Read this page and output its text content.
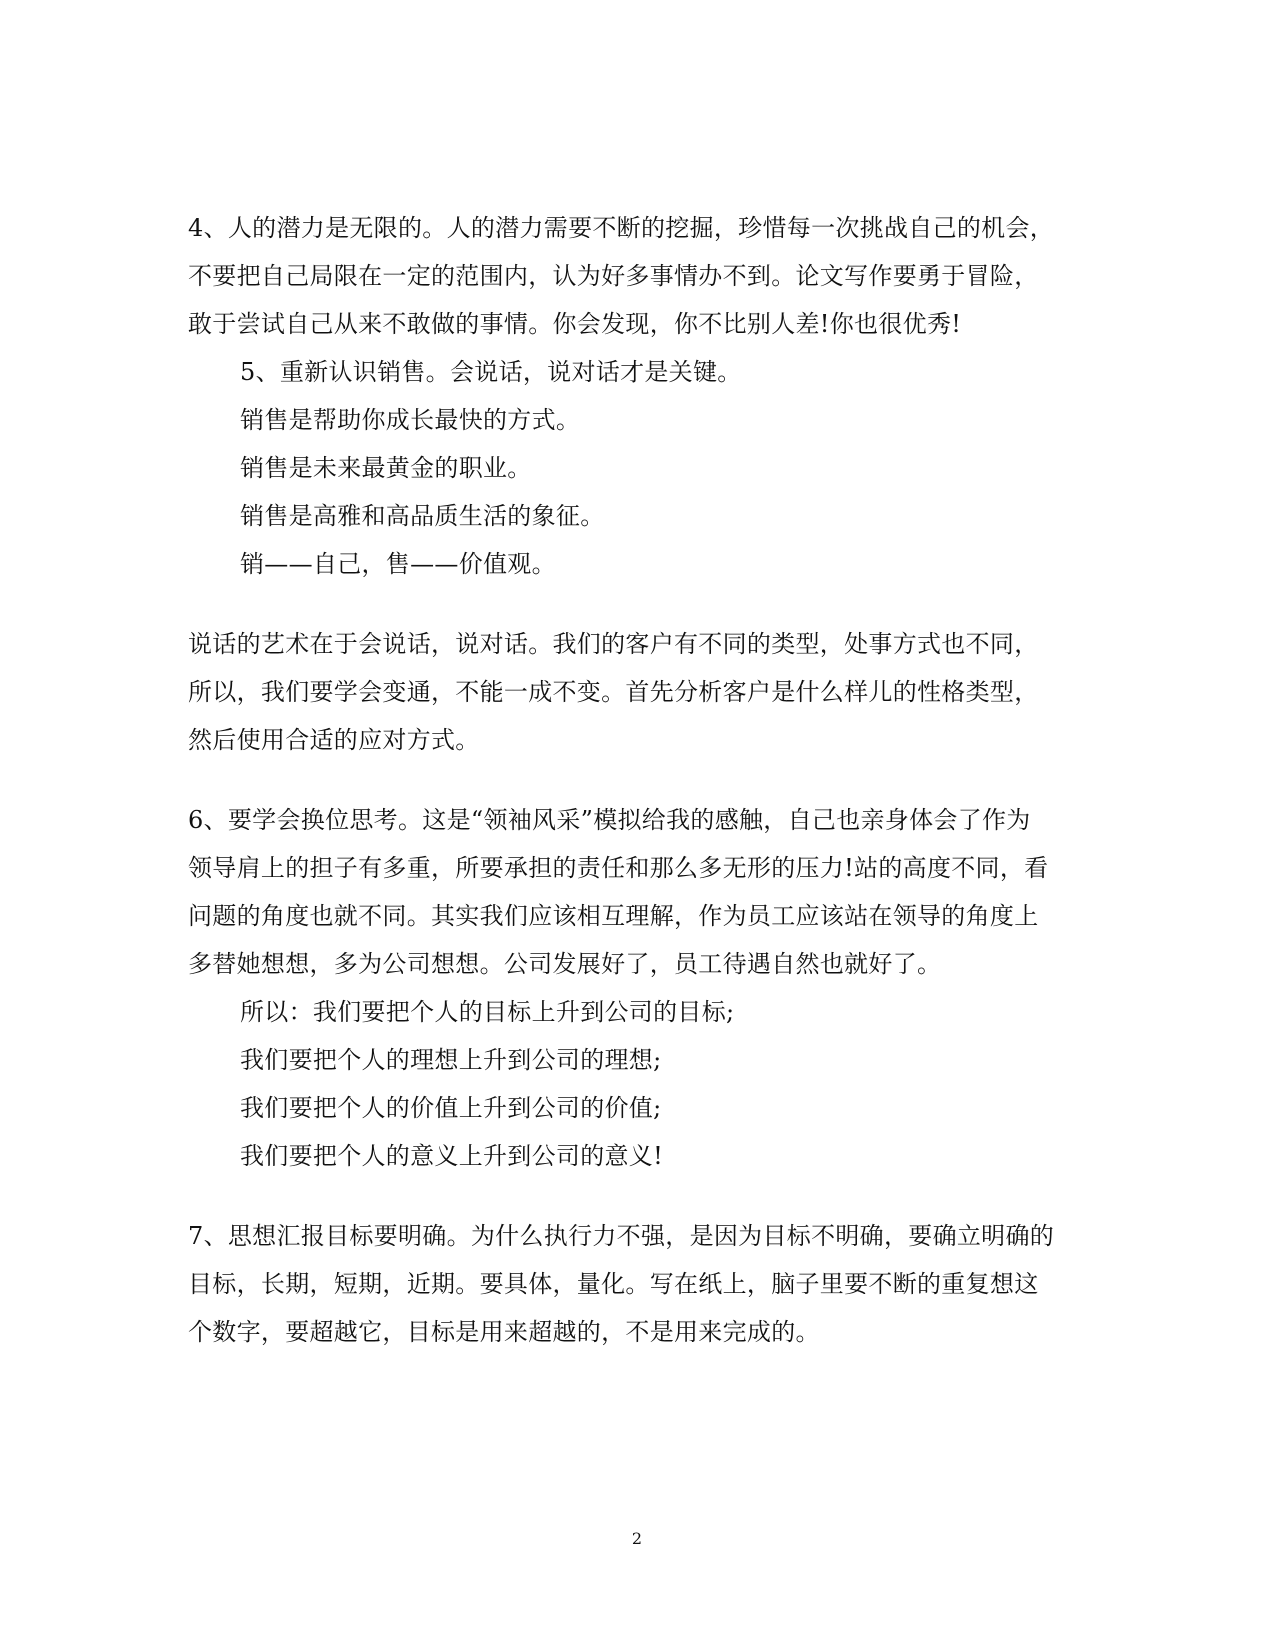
4、人的潜力是无限的。人的潜力需要不断的挖掘，珍惜每一次挑战自己的机会，
不要把自己局限在一定的范围内，认为好多事情办不到。论文写作要勇于冒险，
敢于尝试自己从来不敢做的事情。你会发现，你不比别人差!你也很优秀!
5、重新认识销售。会说话，说对话才是关键。
销售是帮助你成长最快的方式。
销售是未来最黄金的职业。
销售是高雅和高品质生活的象征。
销——自己，售——价值观。
说话的艺术在于会说话，说对话。我们的客户有不同的类型，处事方式也不同，
所以，我们要学会变通，不能一成不变。首先分析客户是什么样儿的性格类型，
然后使用合适的应对方式。
6、要学会换位思考。这是“领袖风采”模拟给我的感触，自己也亲身体会了作为
领导肩上的担子有多重，所要承担的责任和那么多无形的压力!站的高度不同，看
问题的角度也就不同。其实我们应该相互理解，作为员工应该站在领导的角度上
多替她想想，多为公司想想。公司发展好了，员工待遇自然也就好了。
所以：我们要把个人的目标上升到公司的目标;
我们要把个人的理想上升到公司的理想;
我们要把个人的价值上升到公司的价值;
我们要把个人的意义上升到公司的意义!
7、思想汇报目标要明确。为什么执行力不强，是因为目标不明确，要确立明确的
目标，长期，短期，近期。要具体，量化。写在纸上，脑子里要不断的重复想这
个数字，要超越它，目标是用来超越的，不是用来完成的。
2
